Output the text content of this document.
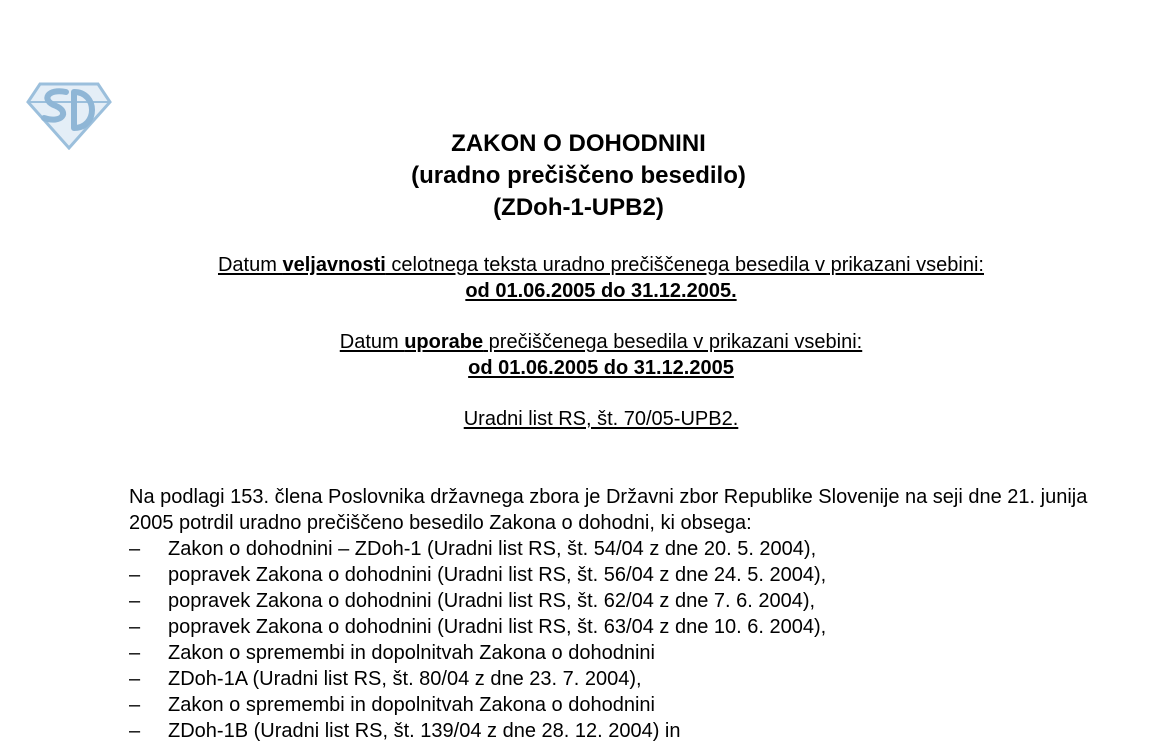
ZAKON O DOHODNINI
(uradno prečiščeno besedilo)
(ZDoh-1-UPB2)
Datum veljavnosti celotnega teksta uradno prečiščenega besedila v prikazani vsebini:
od 01.06.2005 do 31.12.2005.
Datum uporabe prečiščenega besedila v prikazani vsebini:
od 01.06.2005 do 31.12.2005
Uradni list RS, št. 70/05-UPB2.

Na podlagi 153. člena Poslovnika državnega zbora je Državni zbor Republike Slovenije na seji dne 21. junija 2005 potrdil uradno prečiščeno besedilo Zakona o dohodni, ki obsega:

–	Zakon o dohodnini – ZDoh-1 (Uradni list RS, št. 54/04 z dne 20. 5. 2004),
–	popravek Zakona o dohodnini (Uradni list RS, št. 56/04 z dne 24. 5. 2004),
–	popravek Zakona o dohodnini (Uradni list RS, št. 62/04 z dne 7. 6. 2004),
–	popravek Zakona o dohodnini (Uradni list RS, št. 63/04 z dne 10. 6. 2004),
–	Zakon o spremembi in dopolnitvah Zakona o dohodnini
–	ZDoh-1A (Uradni list RS, št. 80/04 z dne 23. 7. 2004),
–	Zakon o spremembi in dopolnitvah Zakona o dohodnini
–	ZDoh-1B (Uradni list RS, št. 139/04 z dne 28. 12. 2004) in
